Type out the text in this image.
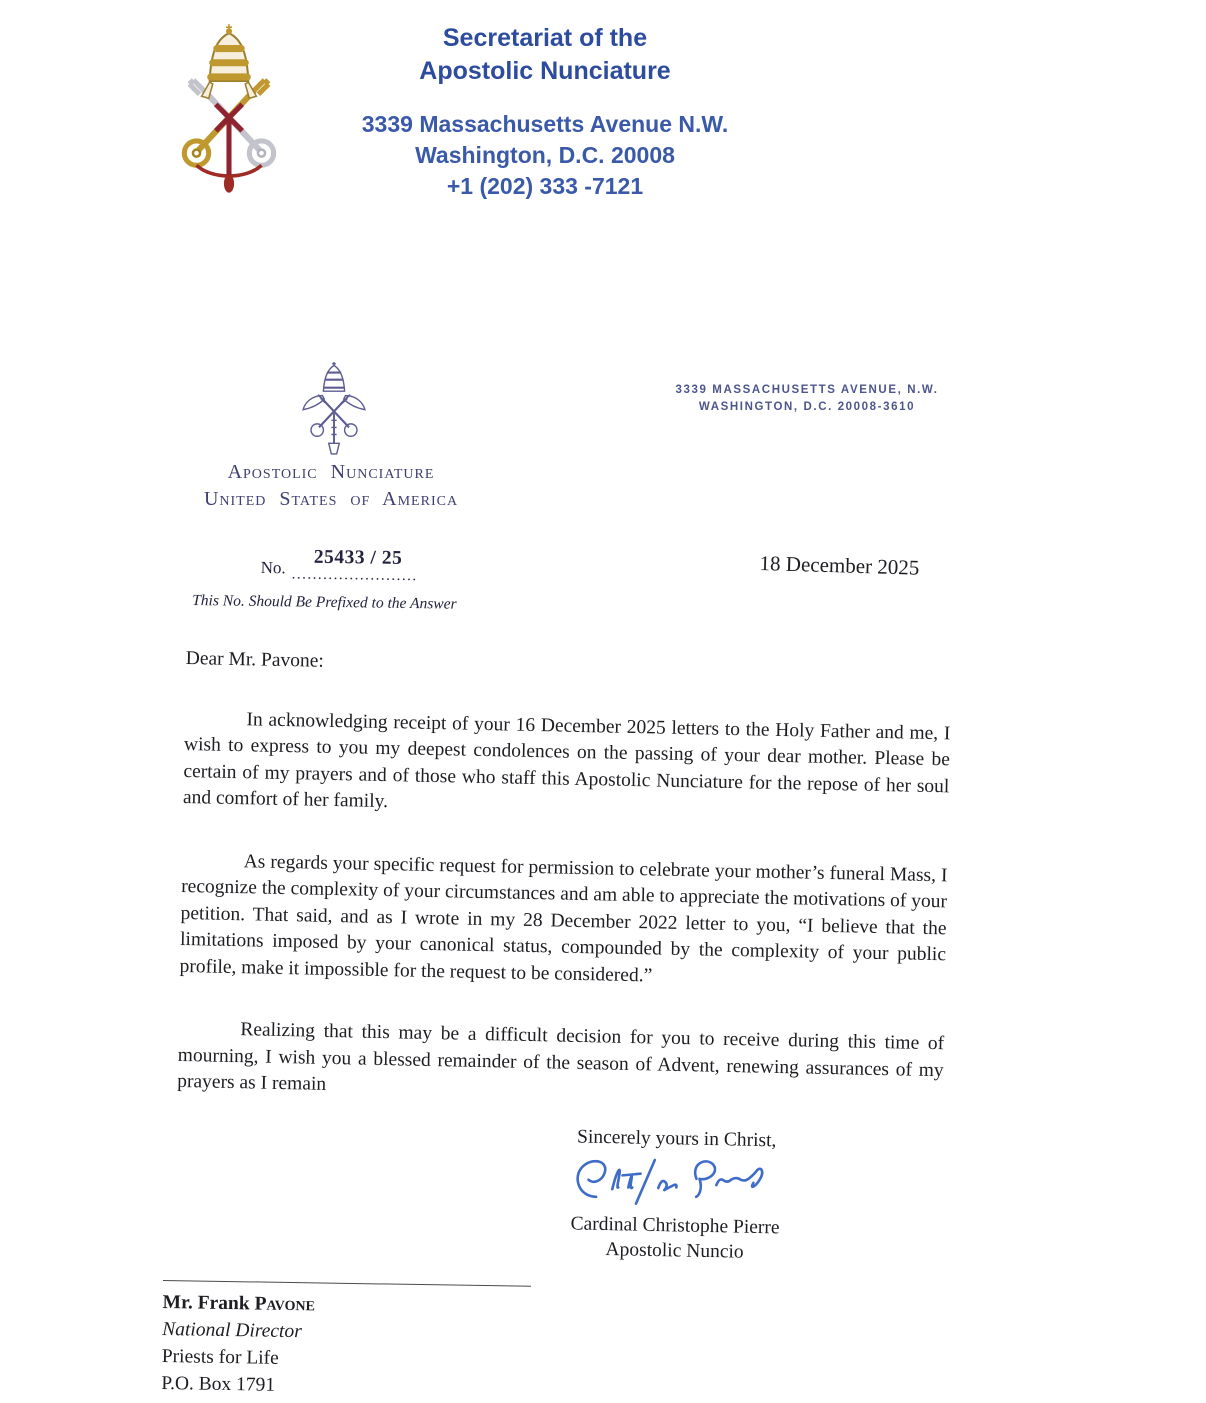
Secretariat of the
Apostolic Nunciature
3339 Massachusetts Avenue N.W.
Washington, D.C. 20008
+1 (202) 333 -7121
Apostolic Nunciature
United States of America
3339 MASSACHUSETTS AVENUE, N.W.
WASHINGTON, D.C. 20008-3610
No. 25433 / 25
........................
This No. Should Be Prefixed to the Answer
18 December 2025
Dear Mr. Pavone:

In acknowledging receipt of your 16 December 2025 letters to the Holy Father and me, I wish to express to you my deepest condolences on the passing of your dear mother. Please be certain of my prayers and of those who staff this Apostolic Nunciature for the repose of her soul and comfort of her family.

As regards your specific request for permission to celebrate your mother’s funeral Mass, I recognize the complexity of your circumstances and am able to appreciate the motivations of your petition. That said, and as I wrote in my 28 December 2022 letter to you, “I believe that the limitations imposed by your canonical status, compounded by the complexity of your public profile, make it impossible for the request to be considered.”

Realizing that this may be a difficult decision for you to receive during this time of mourning, I wish you a blessed remainder of the season of Advent, renewing assurances of my prayers as I remain

Sincerely yours in Christ,
Cardinal Christophe Pierre
Apostolic Nuncio
Mr. Frank Pavone
National Director
Priests for Life
P.O. Box 1791
